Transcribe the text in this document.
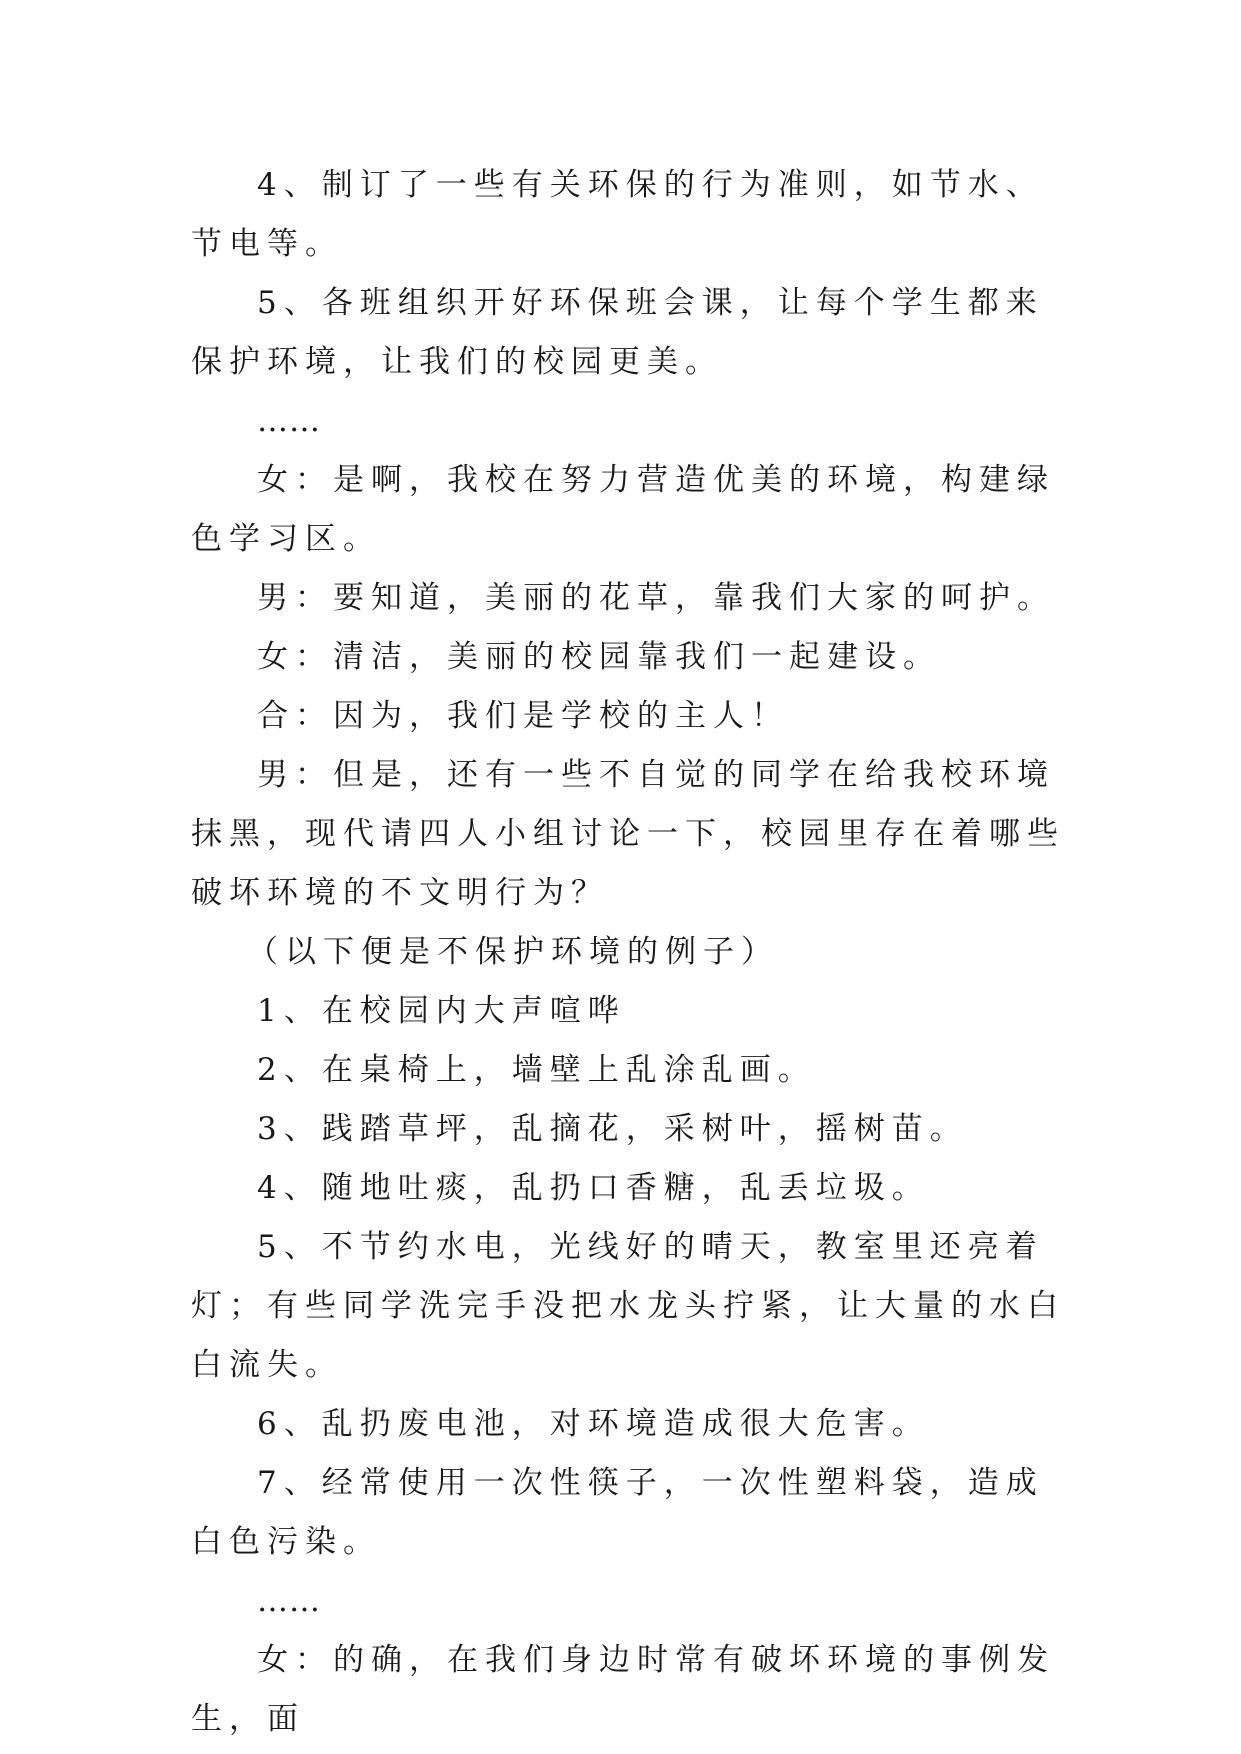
4、制订了一些有关环保的行为准则，如节水、节电等。

5、各班组织开好环保班会课，让每个学生都来保护环境，让我们的校园更美。

……

女：是啊，我校在努力营造优美的环境，构建绿色学习区。

男：要知道，美丽的花草，靠我们大家的呵护。

女：清洁，美丽的校园靠我们一起建设。

合：因为，我们是学校的主人！

男：但是，还有一些不自觉的同学在给我校环境抹黑，现代请四人小组讨论一下，校园里存在着哪些破坏环境的不文明行为？

（以下便是不保护环境的例子）

1、在校园内大声喧哗

2、在桌椅上，墙壁上乱涂乱画。

3、践踏草坪，乱摘花，采树叶，摇树苗。

4、随地吐痰，乱扔口香糖，乱丢垃圾。

5、不节约水电，光线好的晴天，教室里还亮着灯；有些同学洗完手没把水龙头拧紧，让大量的水白白流失。

6、乱扔废电池，对环境造成很大危害。

7、经常使用一次性筷子，一次性塑料袋，造成白色污染。

……

女：的确，在我们身边时常有破坏环境的事例发生，面
